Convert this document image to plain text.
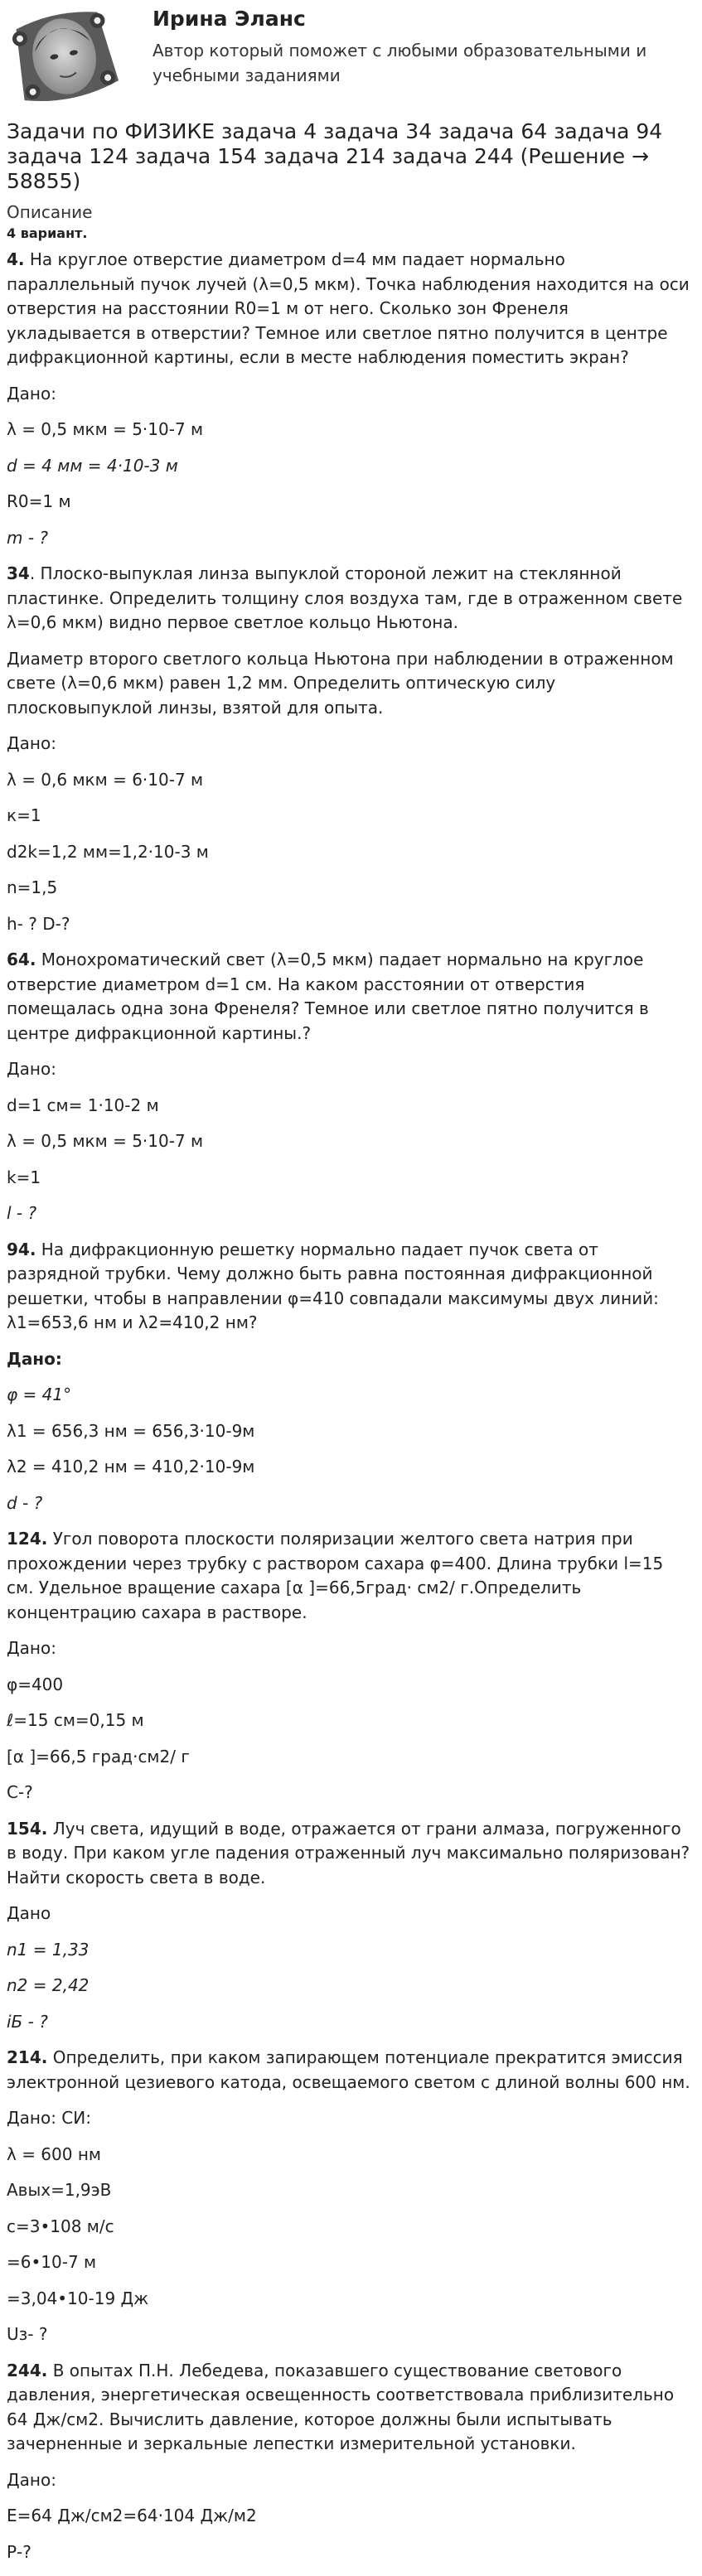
Ирина Эланс
Автор который поможет с любыми образовательными и учебными заданиями
Задачи по ФИЗИКЕ задача 4 задача 34 задача 64 задача 94 задача 124 задача 154 задача 214 задача 244 (Решение → 58855)
Описание

4 вариант.

4. На круглое отверстие диаметром d=4 мм падает нормально параллельный пучок лучей (λ=0,5 мкм). Точка наблюдения находится на оси отверстия на расстоянии R0=1 м от него. Сколько зон Френеля укладывается в отверстии? Темное или светлое пятно получится в центре дифракционной картины, если в месте наблюдения поместить экран?

Дано:

λ = 0,5 мкм = 5·10-7 м

d = 4 мм = 4·10-3 м

R0=1 м

m - ?

34. Плоско-выпуклая линза выпуклой стороной лежит на стеклянной пластинке. Определить толщину слоя воздуха там, где в отраженном свете λ=0,6 мкм) видно первое светлое кольцо Ньютона.

Диаметр второго светлого кольца Ньютона при наблюдении в отраженном свете (λ=0,6 мкм) равен 1,2 мм. Определить оптическую силу плосковыпуклой линзы, взятой для опыта.

Дано:

λ = 0,6 мкм = 6·10-7 м

к=1

d2k=1,2 мм=1,2·10-3 м

n=1,5

h- ? D-?

64. Монохроматический свет (λ=0,5 мкм) падает нормально на круглое отверстие диаметром d=1 см. На каком расстоянии от отверстия помещалась одна зона Френеля? Темное или светлое пятно получится в центре дифракционной картины.?

Дано:

d=1 см= 1·10-2 м

λ = 0,5 мкм = 5·10-7 м

k=1

l - ?

94. На дифракционную решетку нормально падает пучок света от разрядной трубки. Чему должно быть равна постоянная дифракционной решетки, чтобы в направлении φ=410 совпадали максимумы двух линий: λ1=653,6 нм и λ2=410,2 нм?

Дано:

φ = 41°

λ1 = 656,3 нм = 656,3·10-9м

λ2 = 410,2 нм = 410,2·10-9м

d - ?

124. Угол поворота плоскости поляризации желтого света натрия при прохождении через трубку с раствором сахара φ=400. Длина трубки l=15 см. Удельное вращение сахара [α ]=66,5град· см2/ г.Определить концентрацию сахара в растворе.

Дано:

φ=400

ℓ=15 см=0,15 м

[α ]=66,5 град·см2/ г

С-?

154. Луч света, идущий в воде, отражается от грани алмаза, погруженного в воду. При каком угле падения отраженный луч максимально поляризован? Найти скорость света в воде.

Дано

n1 = 1,33

n2 = 2,42

iБ - ?

214. Определить, при каком запирающем потенциале прекратится эмиссия электронной цезиевого катода, освещаемого светом с длиной волны 600 нм.

Дано: СИ:

λ = 600 нм

Авых=1,9эВ

с=3•108 м/с

=6•10-7 м

=3,04•10-19 Дж

Uз- ?

244. В опытах П.Н. Лебедева, показавшего существование светового давления, энергетическая освещенность соответствовала приблизительно 64 Дж/см2. Вычислить давление, которое должны были испытывать зачерненные и зеркальные лепестки измерительной установки.

Дано:

Е=64 Дж/см2=64·104 Дж/м2

Р-?
